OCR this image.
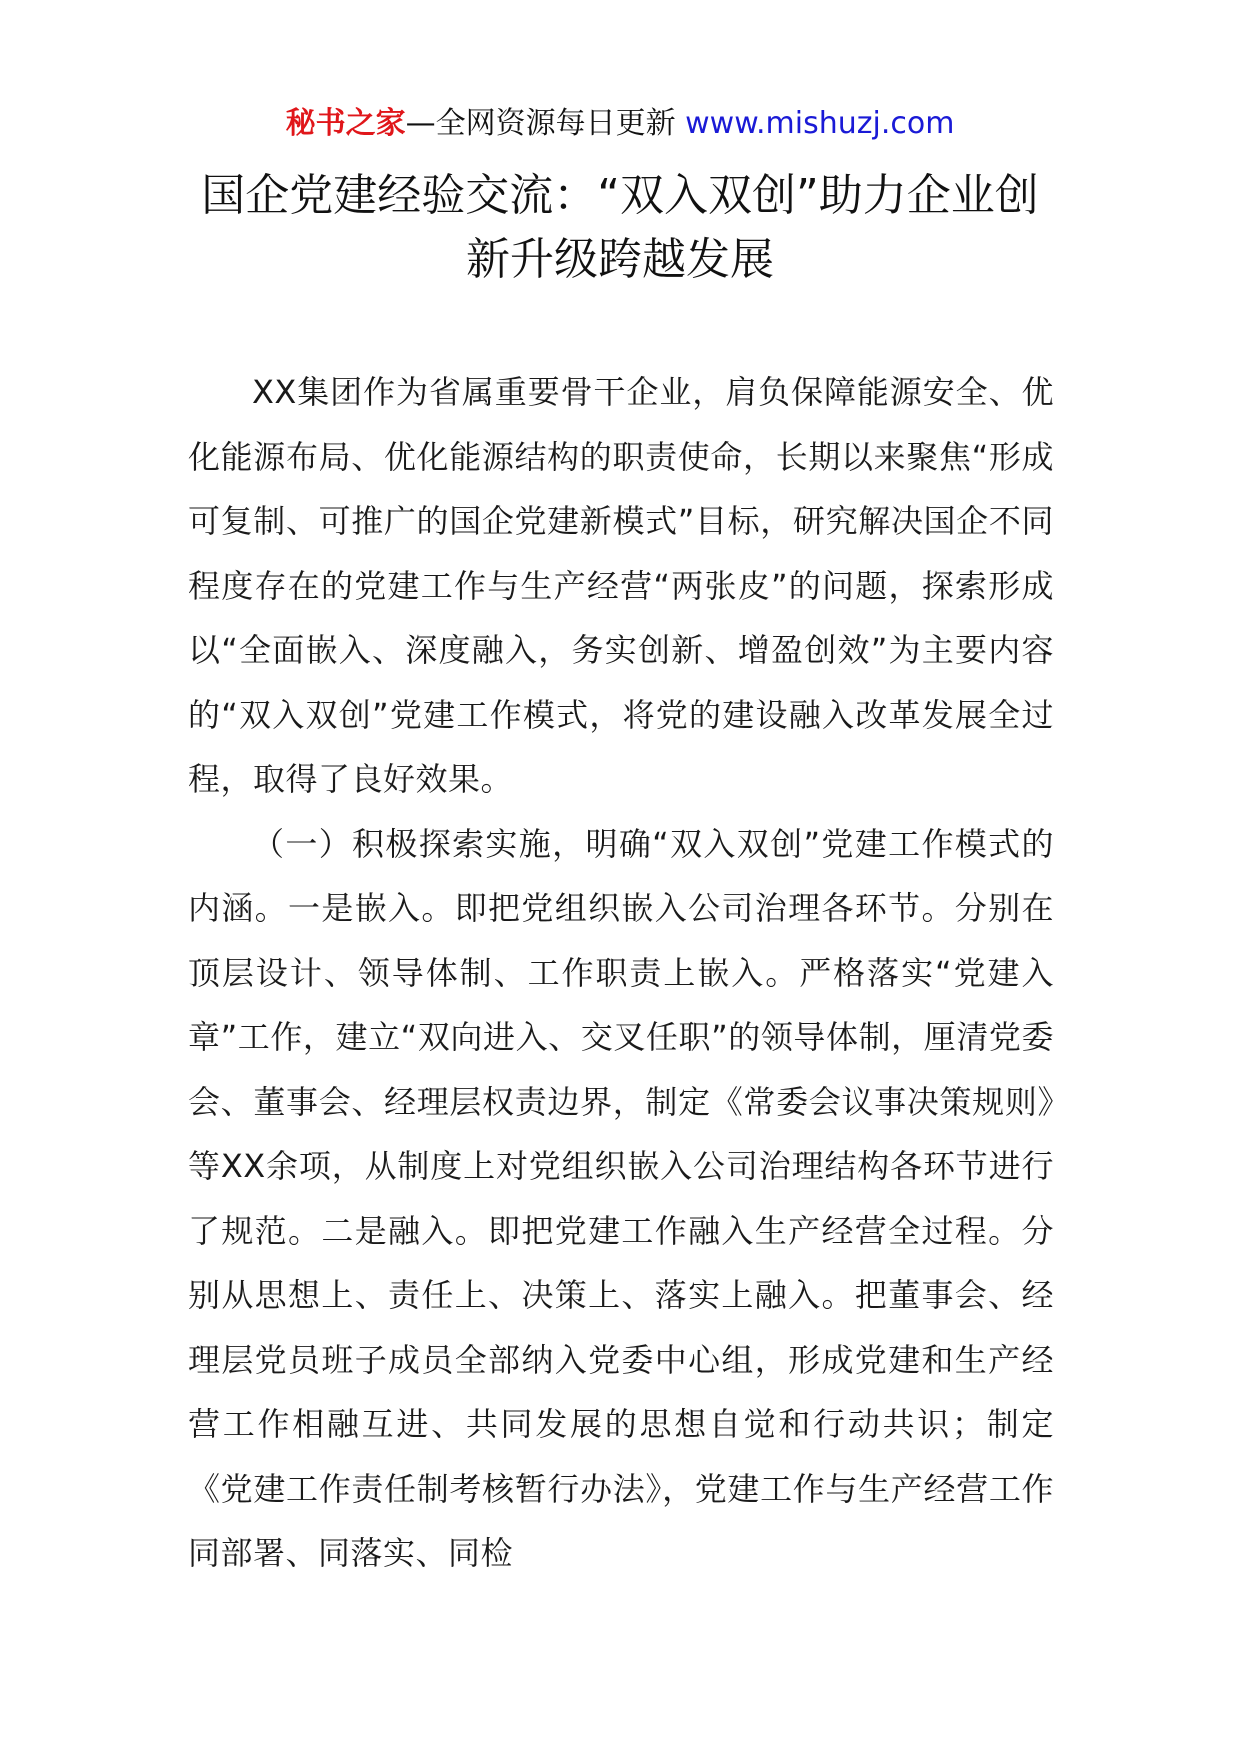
秘书之家—全网资源每日更新 www.mishuzj.com
国企党建经验交流：“双入双创”助力企业创新升级跨越发展

XX集团作为省属重要骨干企业，肩负保障能源安全、优化能源布局、优化能源结构的职责使命，长期以来聚焦“形成可复制、可推广的国企党建新模式”目标，研究解决国企不同程度存在的党建工作与生产经营“两张皮”的问题，探索形成以“全面嵌入、深度融入，务实创新、增盈创效”为主要内容的“双入双创”党建工作模式，将党的建设融入改革发展全过程，取得了良好效果。

（一）积极探索实施，明确“双入双创”党建工作模式的内涵。一是嵌入。即把党组织嵌入公司治理各环节。分别在顶层设计、领导体制、工作职责上嵌入。严格落实“党建入章”工作，建立“双向进入、交叉任职”的领导体制，厘清党委会、董事会、经理层权责边界，制定《常委会议事决策规则》等XX余项，从制度上对党组织嵌入公司治理结构各环节进行了规范。二是融入。即把党建工作融入生产经营全过程。分别从思想上、责任上、决策上、落实上融入。把董事会、经理层党员班子成员全部纳入党委中心组，形成党建和生产经营工作相融互进、共同发展的思想自觉和行动共识；制定《党建工作责任制考核暂行办法》，党建工作与生产经营工作同部署、同落实、同检
